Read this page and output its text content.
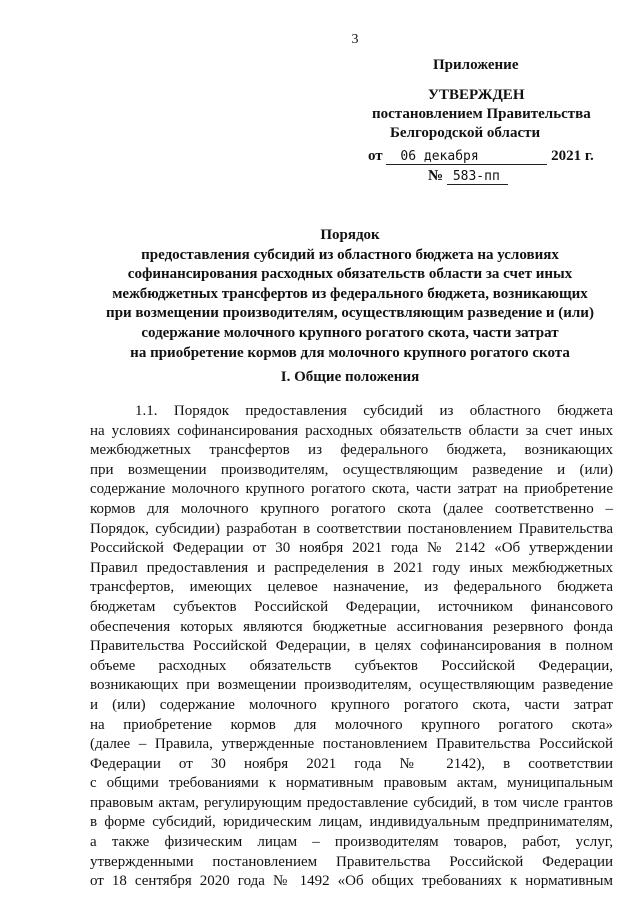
3
Приложение
УТВЕРЖДЕН
постановлением Правительства
Белгородской области
от 06 декабря	2021 г.
№ 583-пп
Порядок
предоставления субсидий из областного бюджета на условиях
софинансирования расходных обязательств области за счет иных
межбюджетных трансфертов из федерального бюджета, возникающих
при возмещении производителям, осуществляющим разведение и (или)
содержание молочного крупного рогатого скота, части затрат
на приобретение кормов для молочного крупного рогатого скота
I. Общие положения
1.1. Порядок предоставления субсидий из областного бюджета
на условиях софинансирования расходных обязательств области за счет иных
межбюджетных трансфертов из федерального бюджета, возникающих
при возмещении производителям, осуществляющим разведение и (или)
содержание молочного крупного рогатого скота, части затрат на приобретение
кормов для молочного крупного рогатого скота (далее соответственно –
Порядок, субсидии) разработан в соответствии постановлением Правительства
Российской Федерации от 30 ноября 2021 года № 2142 «Об утверждении
Правил предоставления и распределения в 2021 году иных межбюджетных
трансфертов, имеющих целевое назначение, из федерального бюджета
бюджетам субъектов Российской Федерации, источником финансового
обеспечения которых являются бюджетные ассигнования резервного фонда
Правительства Российской Федерации, в целях софинансирования в полном
объеме расходных обязательств субъектов Российской Федерации,
возникающих при возмещении производителям, осуществляющим разведение
и (или) содержание молочного крупного рогатого скота, части затрат
на приобретение кормов для молочного крупного рогатого скота»
(далее – Правила, утвержденные постановлением Правительства Российской
Федерации от 30 ноября 2021 года № 2142), в соответствии
с общими требованиями к нормативным правовым актам, муниципальным
правовым актам, регулирующим предоставление субсидий, в том числе грантов
в форме субсидий, юридическим лицам, индивидуальным предпринимателям,
а также физическим лицам – производителям товаров, работ, услуг,
утвержденными постановлением Правительства Российской Федерации
от 18 сентября 2020 года № 1492 «Об общих требованиях к нормативным
